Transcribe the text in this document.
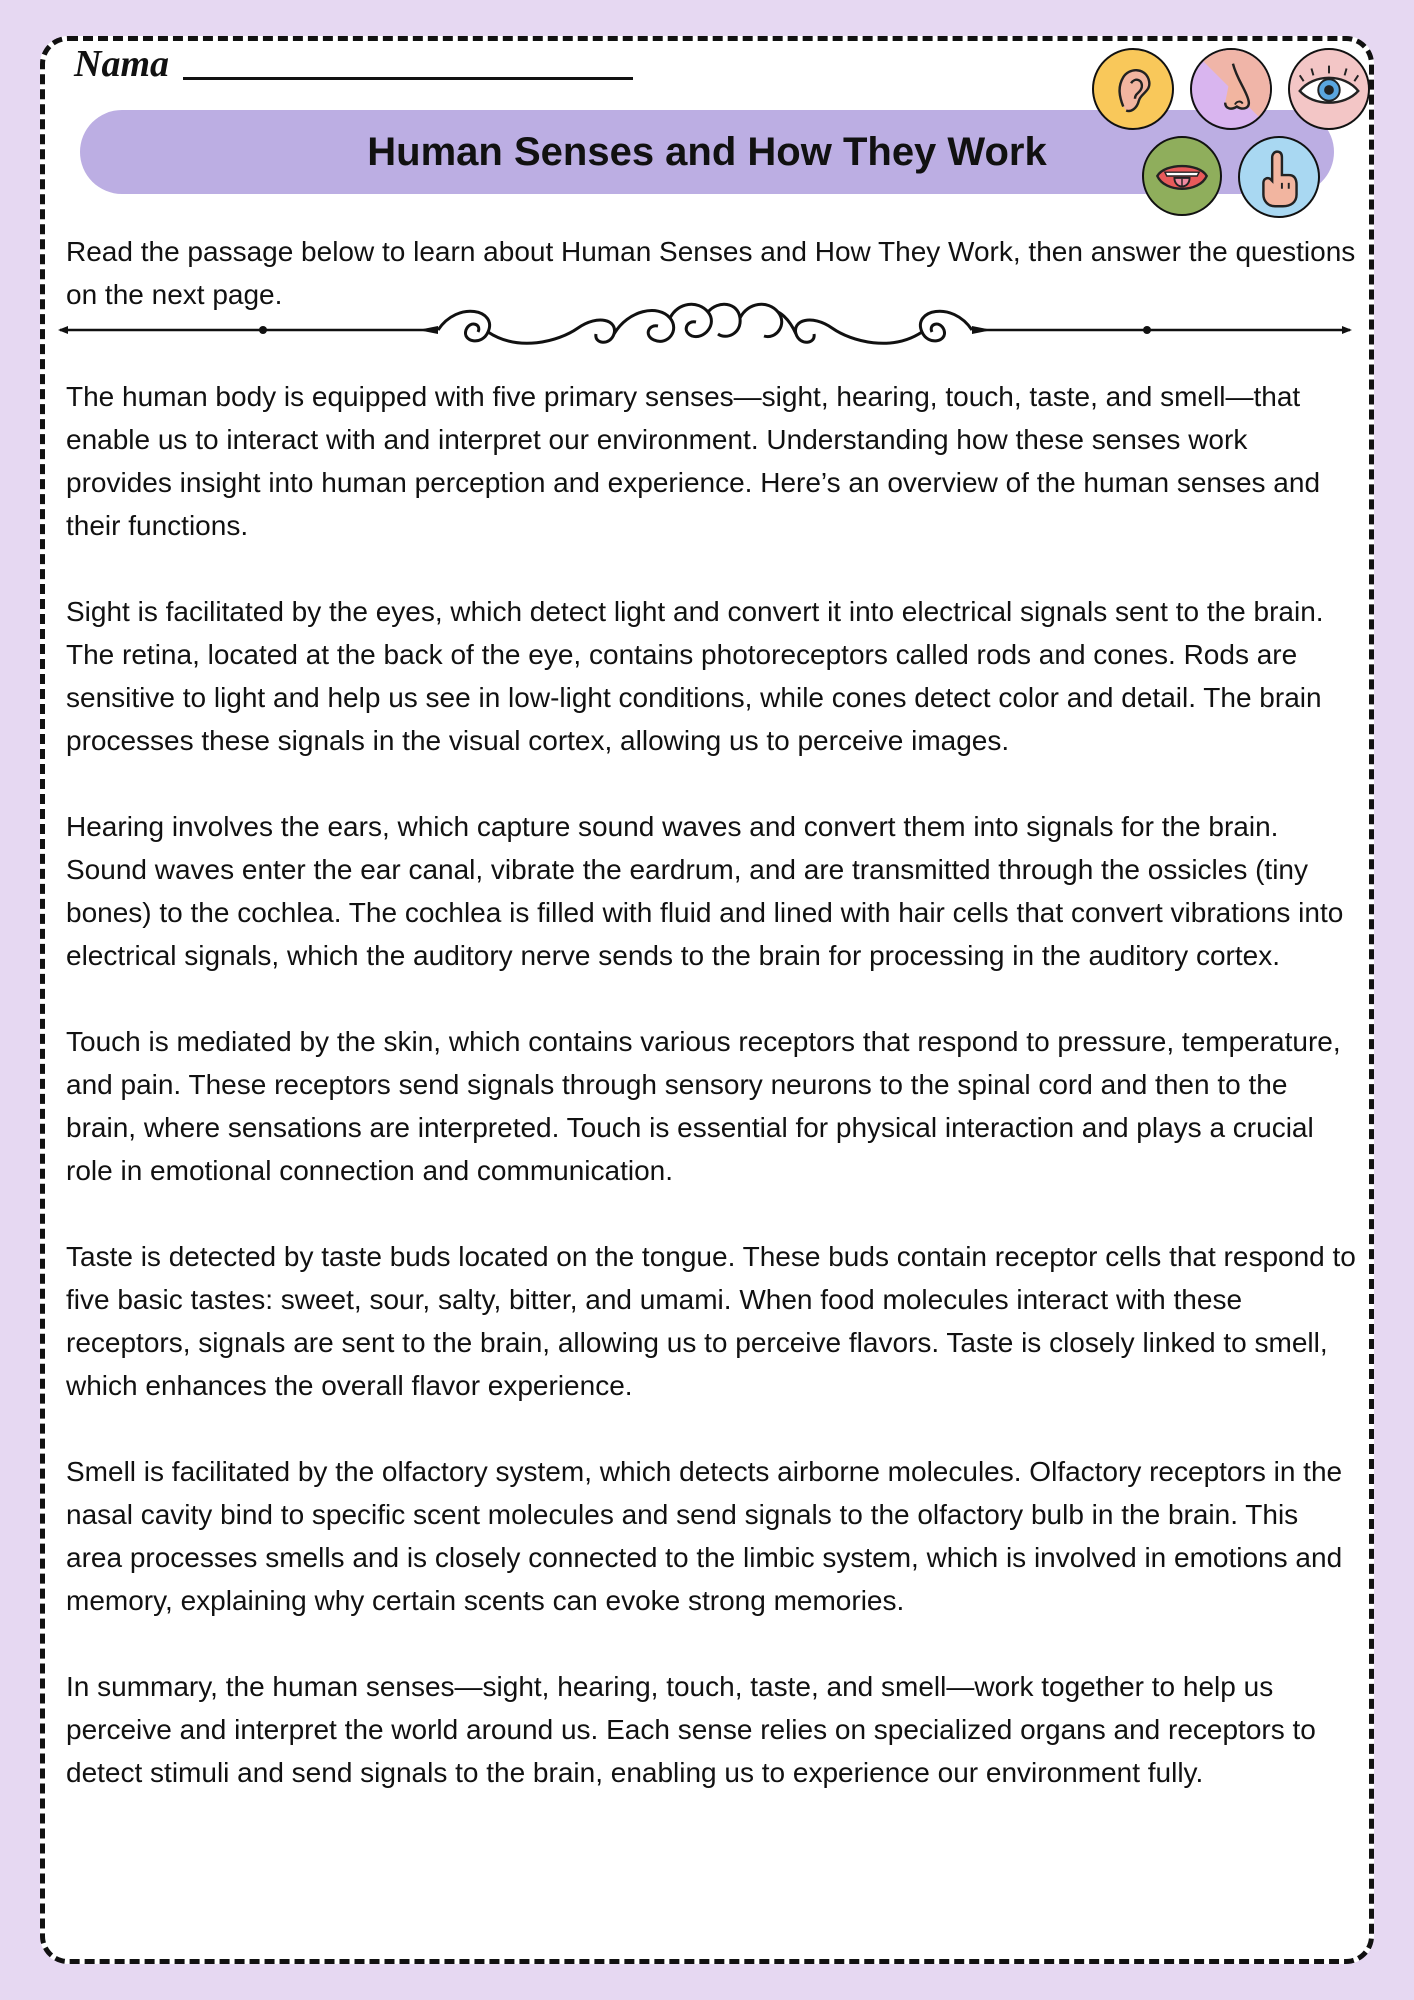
Nama
Human Senses and How They Work

Read the passage below to learn about Human Senses and How They Work, then answer the questions on the next page.

The human body is equipped with five primary senses—sight, hearing, touch, taste, and smell—that enable us to interact with and interpret our environment. Understanding how these senses work provides insight into human perception and experience. Here’s an overview of the human senses and their functions.

Sight is facilitated by the eyes, which detect light and convert it into electrical signals sent to the brain. The retina, located at the back of the eye, contains photoreceptors called rods and cones. Rods are sensitive to light and help us see in low-light conditions, while cones detect color and detail. The brain processes these signals in the visual cortex, allowing us to perceive images.

Hearing involves the ears, which capture sound waves and convert them into signals for the brain. Sound waves enter the ear canal, vibrate the eardrum, and are transmitted through the ossicles (tiny bones) to the cochlea. The cochlea is filled with fluid and lined with hair cells that convert vibrations into electrical signals, which the auditory nerve sends to the brain for processing in the auditory cortex.

Touch is mediated by the skin, which contains various receptors that respond to pressure, temperature, and pain. These receptors send signals through sensory neurons to the spinal cord and then to the brain, where sensations are interpreted. Touch is essential for physical interaction and plays a crucial role in emotional connection and communication.

Taste is detected by taste buds located on the tongue. These buds contain receptor cells that respond to five basic tastes: sweet, sour, salty, bitter, and umami. When food molecules interact with these receptors, signals are sent to the brain, allowing us to perceive flavors. Taste is closely linked to smell, which enhances the overall flavor experience.

Smell is facilitated by the olfactory system, which detects airborne molecules. Olfactory receptors in the nasal cavity bind to specific scent molecules and send signals to the olfactory bulb in the brain. This area processes smells and is closely connected to the limbic system, which is involved in emotions and memory, explaining why certain scents can evoke strong memories.

In summary, the human senses—sight, hearing, touch, taste, and smell—work together to help us perceive and interpret the world around us. Each sense relies on specialized organs and receptors to detect stimuli and send signals to the brain, enabling us to experience our environment fully.
